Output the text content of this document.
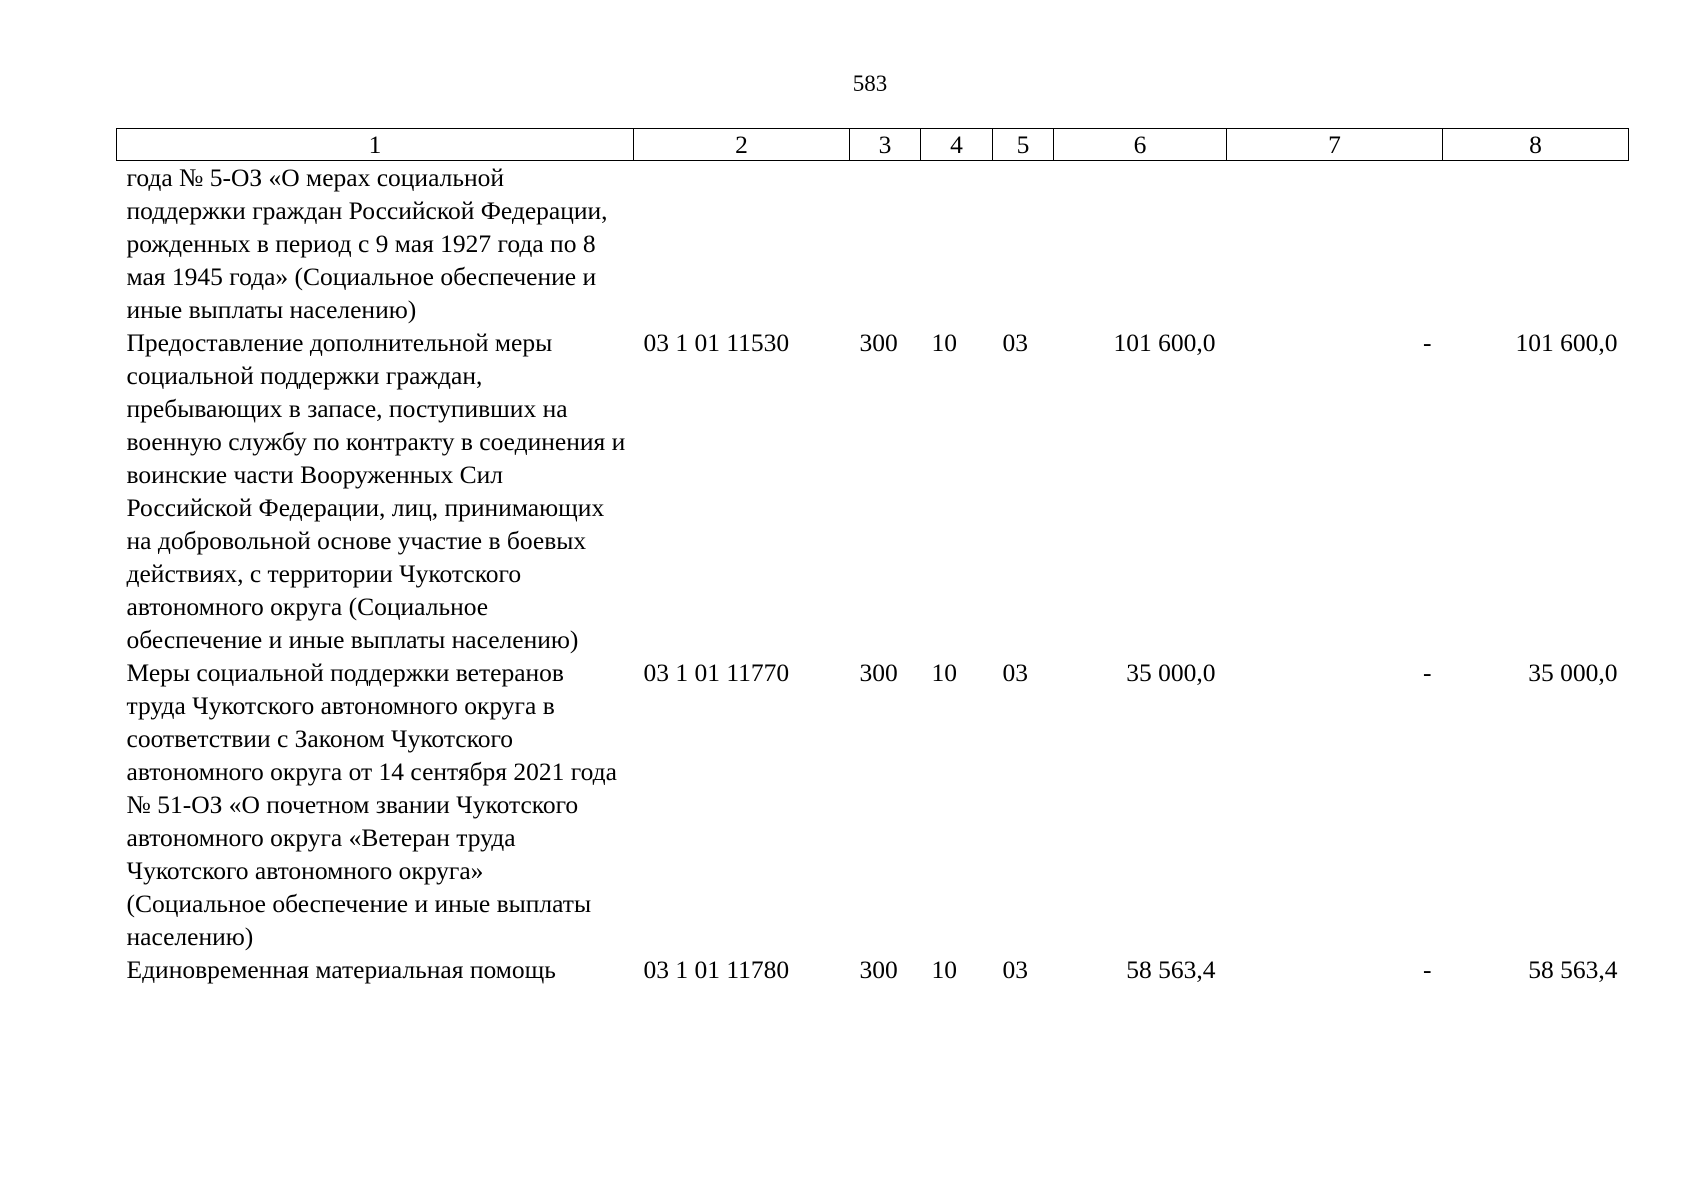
583
1	2	3	4	5	6	7	8
года № 5-ОЗ «О мерах социальной поддержки граждан Российской Федерации, рожденных в период с 9 мая 1927 года по 8 мая 1945 года» (Социальное обеспечение и иные выплаты населению)							
Предоставление дополнительной меры социальной поддержки граждан, пребывающих в запасе, поступивших на военную службу по контракту в соединения и воинские части Вооруженных Сил Российской Федерации, лиц, принимающих на добровольной основе участие в боевых действиях, с территории Чукотского автономного округа (Социальное обеспечение и иные выплаты населению)	03 1 01 11530	300	10	03	101 600,0	-	101 600,0
Меры социальной поддержки ветеранов труда Чукотского автономного округа в соответствии с Законом Чукотского автономного округа от 14 сентября 2021 года № 51-ОЗ «О почетном звании Чукотского автономного округа «Ветеран труда Чукотского автономного округа» (Социальное обеспечение и иные выплаты населению)	03 1 01 11770	300	10	03	35 000,0	-	35 000,0
Единовременная материальная помощь	03 1 01 11780	300	10	03	58 563,4	-	58 563,4
